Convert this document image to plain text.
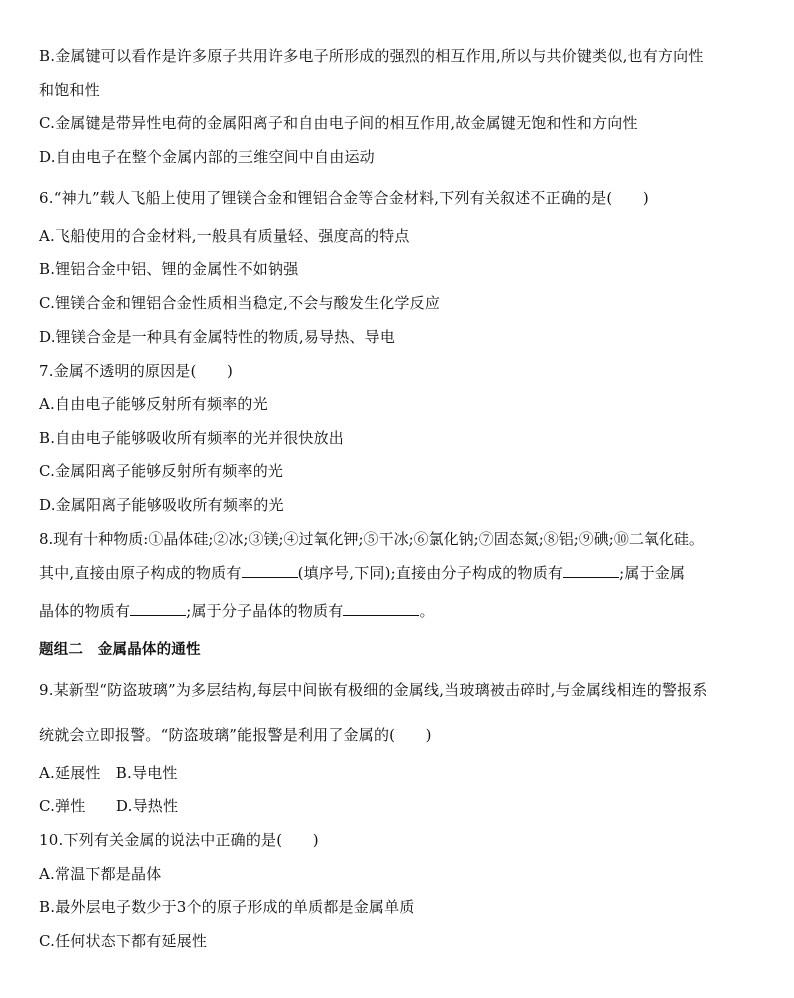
B.金属键可以看作是许多原子共用许多电子所形成的强烈的相互作用,所以与共价键类似,也有方向性
和饱和性
C.金属键是带异性电荷的金属阳离子和自由电子间的相互作用,故金属键无饱和性和方向性
D.自由电子在整个金属内部的三维空间中自由运动
6.“神九”载人飞船上使用了锂镁合金和锂铝合金等合金材料,下列有关叙述不正确的是(　　)
A.飞船使用的合金材料,一般具有质量轻、强度高的特点
B.锂铝合金中铝、锂的金属性不如钠强
C.锂镁合金和锂铝合金性质相当稳定,不会与酸发生化学反应
D.锂镁合金是一种具有金属特性的物质,易导热、导电
7.金属不透明的原因是(　　)
A.自由电子能够反射所有频率的光
B.自由电子能够吸收所有频率的光并很快放出
C.金属阳离子能够反射所有频率的光
D.金属阳离子能够吸收所有频率的光
8.现有十种物质:①晶体硅;②冰;③镁;④过氧化钾;⑤干冰;⑥氯化钠;⑦固态氮;⑧铝;⑨碘;⑩二氧化硅。
其中,直接由原子构成的物质有	(填序号,下同);直接由分子构成的物质有	;属于金属
晶体的物质有	;属于分子晶体的物质有	。
题组二　金属晶体的通性
9.某新型“防盗玻璃”为多层结构,每层中间嵌有极细的金属线,当玻璃被击碎时,与金属线相连的警报系
统就会立即报警。“防盗玻璃”能报警是利用了金属的(　　)
A.延展性　B.导电性
C.弹性　　D.导热性
10.下列有关金属的说法中正确的是(　　)
A.常温下都是晶体
B.最外层电子数少于3个的原子形成的单质都是金属单质
C.任何状态下都有延展性
